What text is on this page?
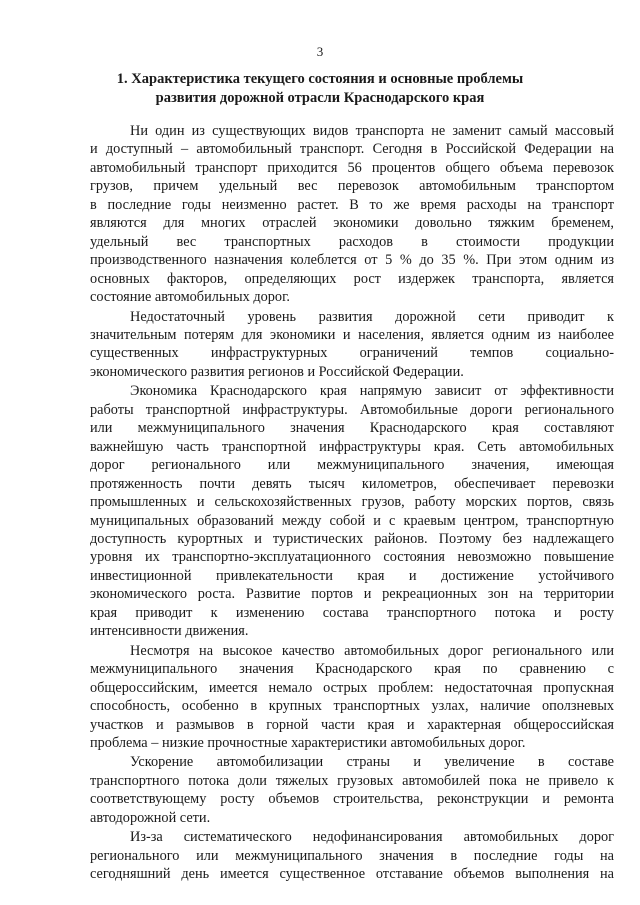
3
1. Характеристика текущего состояния и основные проблемы
развития дорожной отрасли Краснодарского края
Ни один из существующих видов транспорта не заменит самый массовый
и доступный – автомобильный транспорт. Сегодня в Российской Федерации на
автомобильный транспорт приходится 56 процентов общего объема перевозок
грузов, причем удельный вес перевозок автомобильным транспортом
в последние годы неизменно растет. В то же время расходы на транспорт
являются для многих отраслей экономики довольно тяжким бременем,
удельный вес транспортных расходов в стоимости продукции
производственного назначения колеблется от 5 % до 35 %. При этом одним из
основных факторов, определяющих рост издержек транспорта, является
состояние автомобильных дорог.
Недостаточный уровень развития дорожной сети приводит к
значительным потерям для экономики и населения, является одним из наиболее
существенных инфраструктурных ограничений темпов социально-
экономического развития регионов и Российской Федерации.
Экономика Краснодарского края напрямую зависит от эффективности
работы транспортной инфраструктуры. Автомобильные дороги регионального
или межмуниципального значения Краснодарского края составляют
важнейшую часть транспортной инфраструктуры края. Сеть автомобильных
дорог регионального или межмуниципального значения, имеющая
протяженность почти девять тысяч километров, обеспечивает перевозки
промышленных и сельскохозяйственных грузов, работу морских портов, связь
муниципальных образований между собой и с краевым центром, транспортную
доступность курортных и туристических районов. Поэтому без надлежащего
уровня их транспортно-эксплуатационного состояния невозможно повышение
инвестиционной привлекательности края и достижение устойчивого
экономического роста. Развитие портов и рекреационных зон на территории
края приводит к изменению состава транспортного потока и росту
интенсивности движения.
Несмотря на высокое качество автомобильных дорог регионального или
межмуниципального значения Краснодарского края по сравнению с
общероссийским, имеется немало острых проблем: недостаточная пропускная
способность, особенно в крупных транспортных узлах, наличие оползневых
участков и размывов в горной части края и характерная общероссийская
проблема – низкие прочностные характеристики автомобильных дорог.
Ускорение автомобилизации страны и увеличение в составе
транспортного потока доли тяжелых грузовых автомобилей пока не привело к
соответствующему росту объемов строительства, реконструкции и ремонта
автодорожной сети.
Из-за систематического недофинансирования автомобильных дорог
регионального или межмуниципального значения в последние годы на
сегодняшний день имеется существенное отставание объемов выполнения на
